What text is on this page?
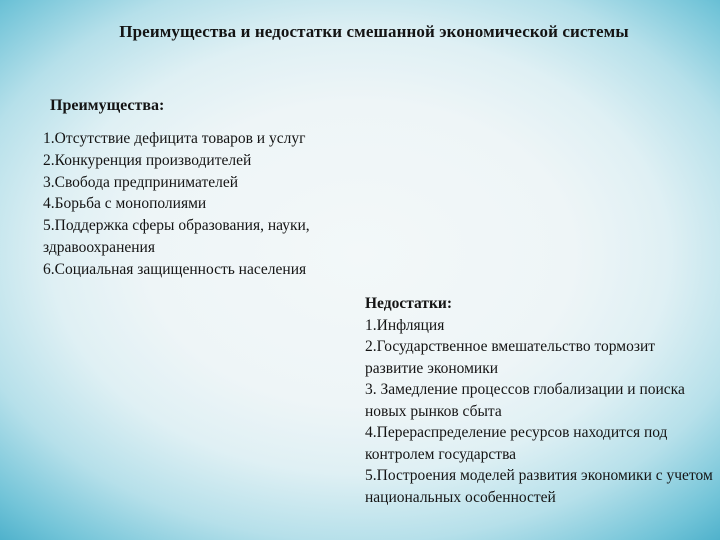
Преимущества и недостатки смешанной экономической системы
Преимущества:
1.Отсутствие дефицита товаров и услуг
2.Конкуренция производителей
3.Свобода предпринимателей
4.Борьба с монополиями
5.Поддержка сферы образования, науки, здравоохранения
6.Социальная защищенность населения
Недостатки:
1.Инфляция
2.Государственное вмешательство тормозит развитие экономики
3. Замедление процессов глобализации и поиска новых рынков сбыта
4.Перераспределение ресурсов находится под контролем государства
5.Построения моделей развития экономики с учетом национальных особенностей
